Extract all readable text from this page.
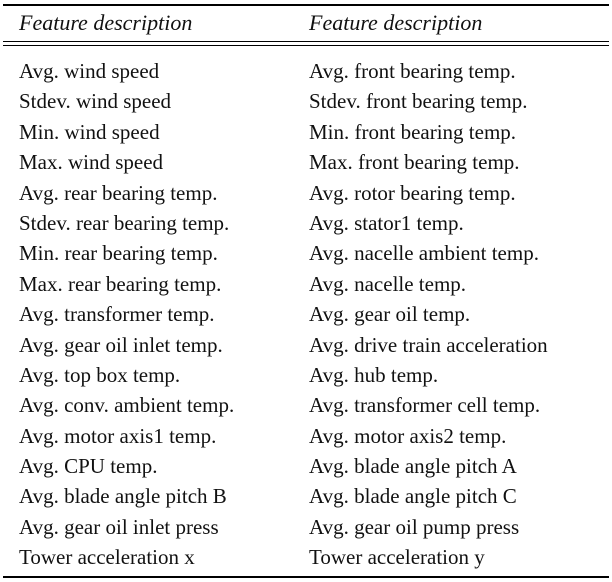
Feature description	Feature description
Avg. wind speed	Avg. front bearing temp.
Stdev. wind speed	Stdev. front bearing temp.
Min. wind speed	Min. front bearing temp.
Max. wind speed	Max. front bearing temp.
Avg. rear bearing temp.	Avg. rotor bearing temp.
Stdev. rear bearing temp.	Avg. stator1 temp.
Min. rear bearing temp.	Avg. nacelle ambient temp.
Max. rear bearing temp.	Avg. nacelle temp.
Avg. transformer temp.	Avg. gear oil temp.
Avg. gear oil inlet temp.	Avg. drive train acceleration
Avg. top box temp.	Avg. hub temp.
Avg. conv. ambient temp.	Avg. transformer cell temp.
Avg. motor axis1 temp.	Avg. motor axis2 temp.
Avg. CPU temp.	Avg. blade angle pitch A
Avg. blade angle pitch B	Avg. blade angle pitch C
Avg. gear oil inlet press	Avg. gear oil pump press
Tower acceleration x	Tower acceleration y
